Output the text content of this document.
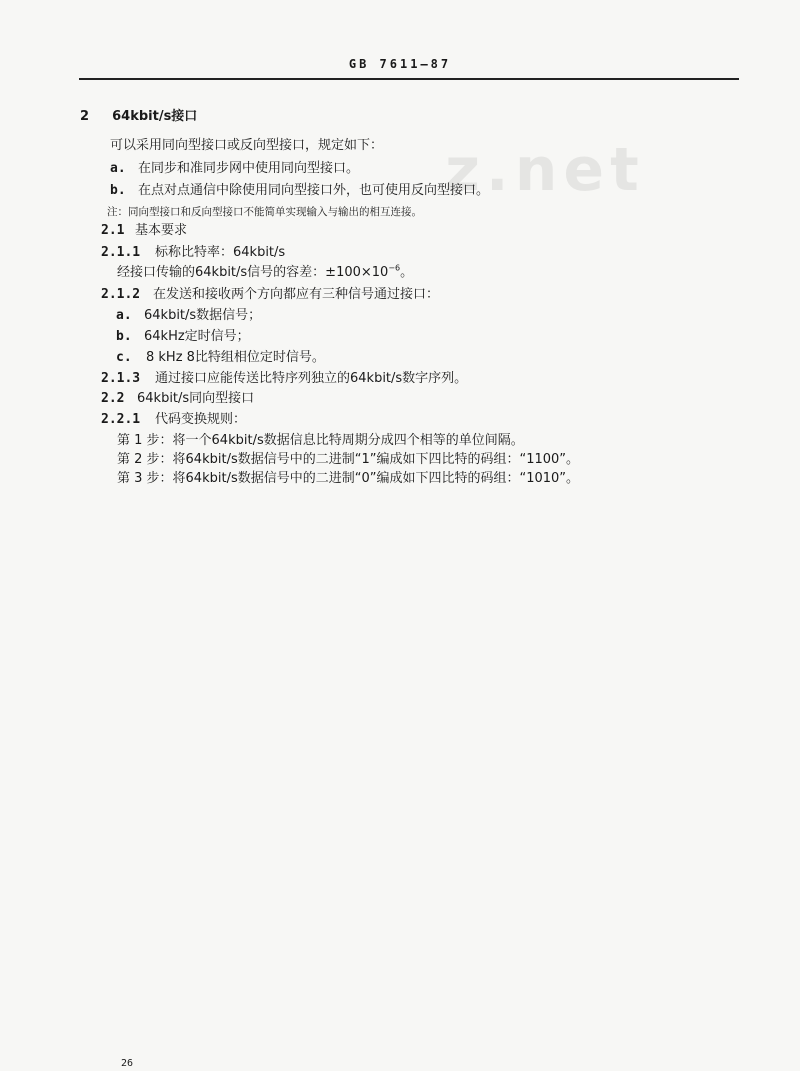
GB 7611—87
z.net
2 64kbit/s接口
可以采用同向型接口或反向型接口，规定如下：
a. 在同步和准同步网中使用同向型接口。
b. 在点对点通信中除使用同向型接口外，也可使用反向型接口。
注：同向型接口和反向型接口不能简单实现输入与输出的相互连接。
2.1 基本要求
2.1.1 标称比特率：64kbit/s
经接口传输的64kbit/s信号的容差：$\pm 100\times 10^{-6}$。
2.1.2 在发送和接收两个方向都应有三种信号通过接口：
a. 64kbit/s数据信号；
b. 64kHz定时信号；
c. 8 kHz 8比特组相位定时信号。
2.1.3 通过接口应能传送比特序列独立的64kbit/s数字序列。
2.2 64kbit/s同向型接口
2.2.1 代码变换规则：
第 1 步：将一个64kbit/s数据信息比特周期分成四个相等的单位间隔。
第 2 步：将64kbit/s数据信号中的二进制“1”编成如下四比特的码组：“1100”。
第 3 步：将64kbit/s数据信号中的二进制“0”编成如下四比特的码组：“1010”。
26
